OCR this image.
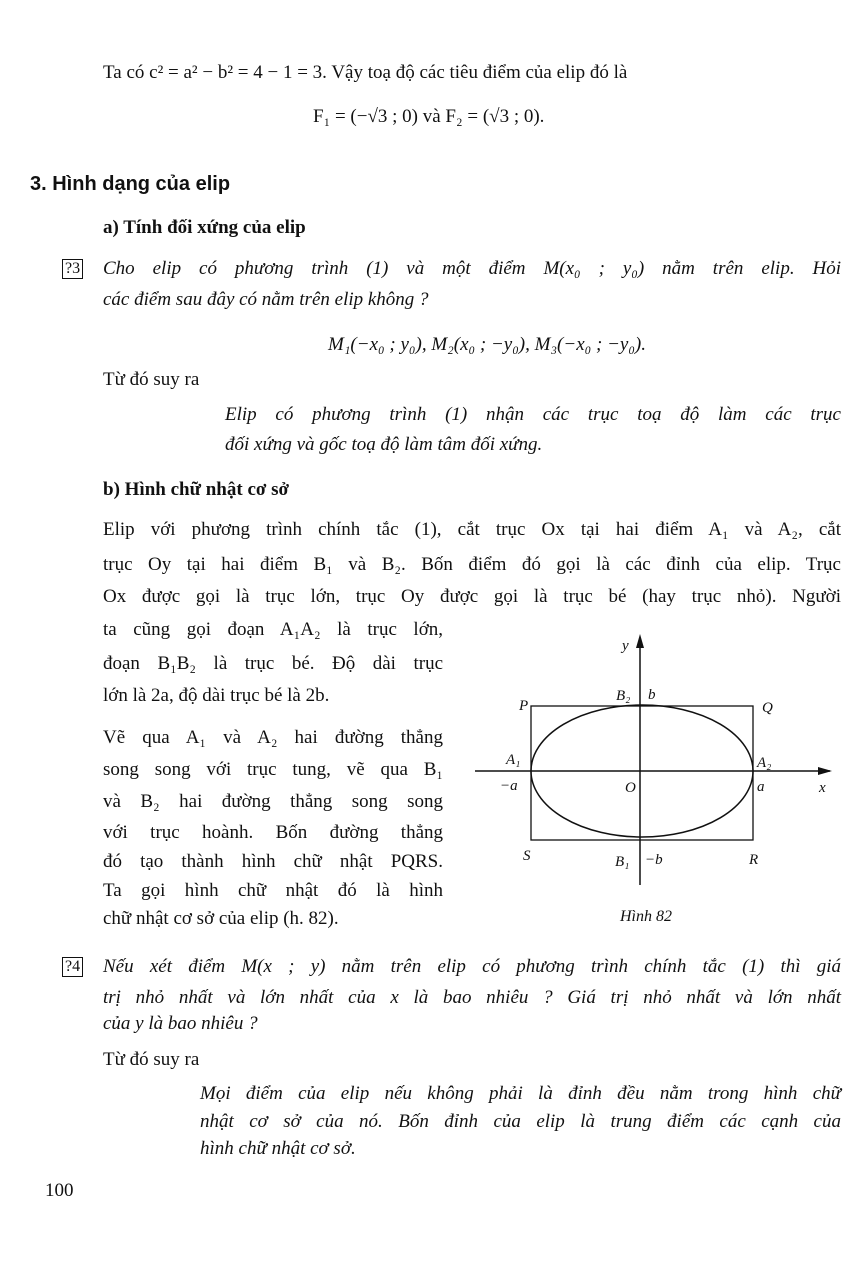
Ta có c² = a² − b² = 4 − 1 = 3. Vậy toạ độ các tiêu điểm của elip đó là
F₁ = (−√3 ; 0) và F₂ = (√3 ; 0).
3. Hình dạng của elip
a) Tính đối xứng của elip
?3 Cho elip có phương trình (1) và một điểm M(x₀ ; y₀) nằm trên elip. Hỏi
các điểm sau đây có nằm trên elip không ?
M₁(−x₀ ; y₀), M₂(x₀ ; −y₀), M₃(−x₀ ; −y₀).
Từ đó suy ra
Elip có phương trình (1) nhận các trục toạ độ làm các trục
đối xứng và gốc toạ độ làm tâm đối xứng.
b) Hình chữ nhật cơ sở
Elip với phương trình chính tắc (1), cắt trục Ox tại hai điểm A₁ và A₂, cắt
trục Oy tại hai điểm B₁ và B₂. Bốn điểm đó gọi là các đỉnh của elip. Trục
Ox được gọi là trục lớn, trục Oy được gọi là trục bé (hay trục nhỏ). Người
ta cũng gọi đoạn A₁A₂ là trục lớn,
đoạn B₁B₂ là trục bé. Độ dài trục
lớn là 2a, độ dài trục bé là 2b.
Vẽ qua A₁ và A₂ hai đường thẳng
song song với trục tung, vẽ qua B₁
và B₂ hai đường thẳng song song
với trục hoành. Bốn đường thẳng
đó tạo thành hình chữ nhật PQRS.
Ta gọi hình chữ nhật đó là hình
chữ nhật cơ sở của elip (h. 82).
P	Q
B₂ b
A₁	A₂
−a	O	a	x
y
S	B₁ −b	R
Hình 82
?4 Nếu xét điểm M(x ; y) nằm trên elip có phương trình chính tắc (1) thì giá
trị nhỏ nhất và lớn nhất của x là bao nhiêu ? Giá trị nhỏ nhất và lớn nhất
của y là bao nhiêu ?
Từ đó suy ra
Mọi điểm của elip nếu không phải là đỉnh đều nằm trong hình chữ
nhật cơ sở của nó. Bốn đỉnh của elip là trung điểm các cạnh của
hình chữ nhật cơ sở.
100
